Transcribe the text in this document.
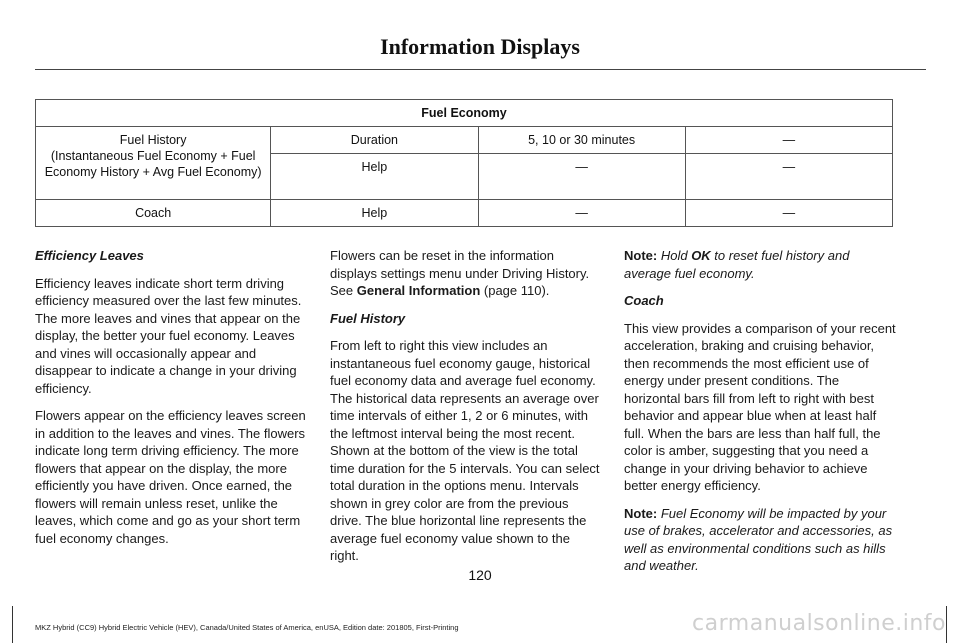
Information Displays
Fuel Economy			
Fuel History
(Instantaneous Fuel Economy + Fuel Economy History + Avg Fuel Economy)	Duration	5, 10 or 30 minutes	—
	Help	—	—
Coach	Help	—	—
Efficiency Leaves

Efficiency leaves indicate short term driving efficiency measured over the last few minutes. The more leaves and vines that appear on the display, the better your fuel economy. Leaves and vines will occasionally appear and disappear to indicate a change in your driving efficiency.

Flowers appear on the efficiency leaves screen in addition to the leaves and vines. The flowers indicate long term driving efficiency. The more flowers that appear on the display, the more efficiently you have driven. Once earned, the flowers will remain unless reset, unlike the leaves, which come and go as your short term fuel economy changes.

Flowers can be reset in the information displays settings menu under Driving History. See General Information (page 110).

Fuel History

From left to right this view includes an instantaneous fuel economy gauge, historical fuel economy data and average fuel economy. The historical data represents an average over time intervals of either 1, 2 or 6 minutes, with the leftmost interval being the most recent. Shown at the bottom of the view is the total time duration for the 5 intervals. You can select total duration in the options menu. Intervals shown in grey color are from the previous drive. The blue horizontal line represents the average fuel economy value shown to the right.

Note: Hold OK to reset fuel history and average fuel economy.

Coach

This view provides a comparison of your recent acceleration, braking and cruising behavior, then recommends the most efficient use of energy under present conditions. The horizontal bars fill from left to right with best behavior and appear blue when at least half full. When the bars are less than half full, the color is amber, suggesting that you need a change in your driving behavior to achieve better energy efficiency.

Note: Fuel Economy will be impacted by your use of brakes, accelerator and accessories, as well as environmental conditions such as hills and weather.

120
MKZ Hybrid (CC9) Hybrid Electric Vehicle (HEV), Canada/United States of America, enUSA, Edition date: 201805, First-Printing	carmanualsonline.info
